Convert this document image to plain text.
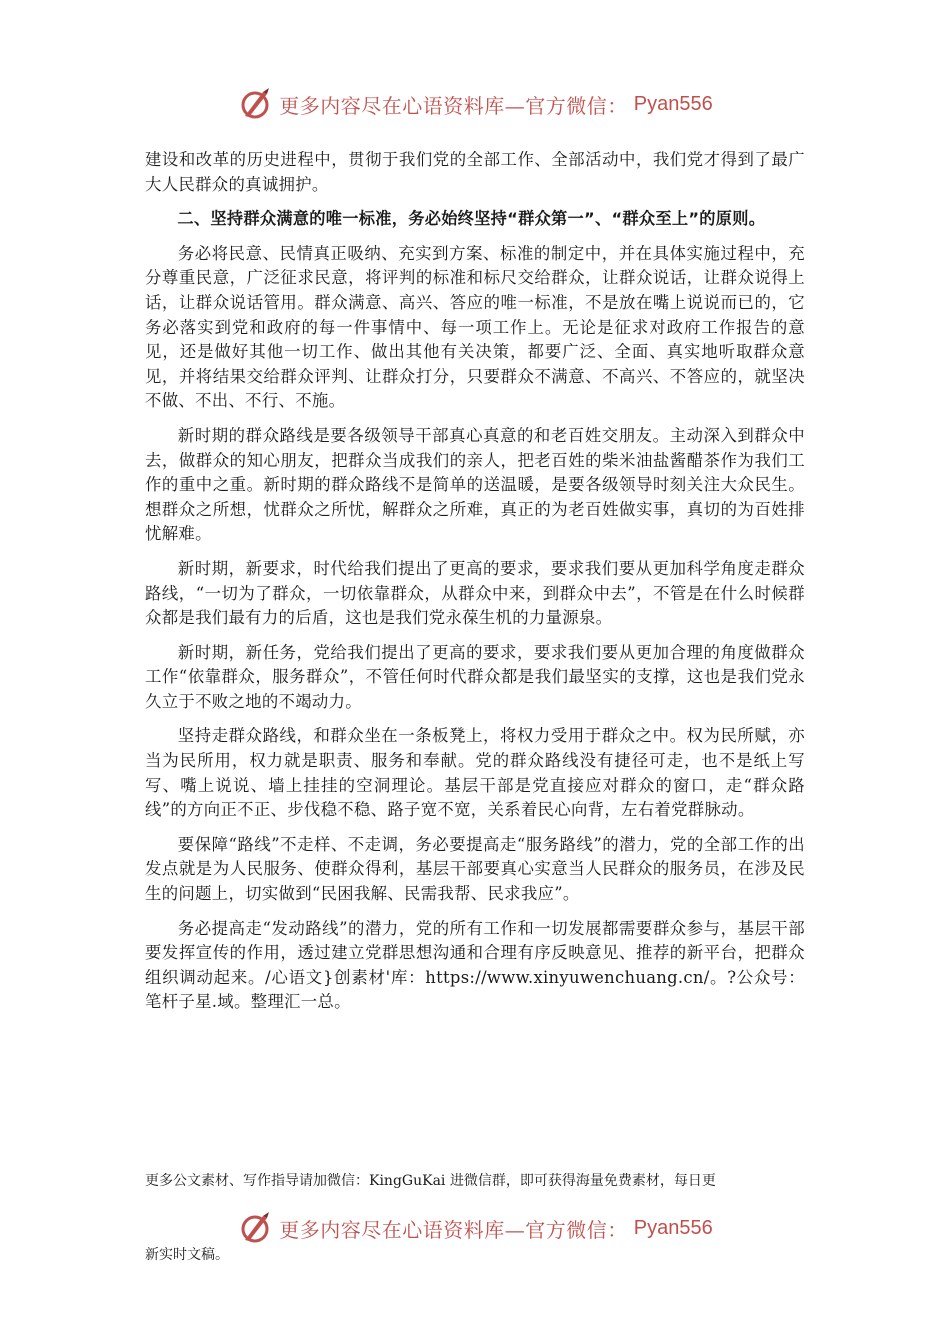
更多内容尽在心语资料库—官方微信： Pyan556

建设和改革的历史进程中，贯彻于我们党的全部工作、全部活动中，我们党才得到了最广大人民群众的真诚拥护。

二、坚持群众满意的唯一标准，务必始终坚持“群众第一”、“群众至上”的原则。

务必将民意、民情真正吸纳、充实到方案、标准的制定中，并在具体实施过程中，充分尊重民意，广泛征求民意，将评判的标准和标尺交给群众，让群众说话，让群众说得上话，让群众说话管用。群众满意、高兴、答应的唯一标准，不是放在嘴上说说而已的，它务必落实到党和政府的每一件事情中、每一项工作上。无论是征求对政府工作报告的意见，还是做好其他一切工作、做出其他有关决策，都要广泛、全面、真实地听取群众意见，并将结果交给群众评判、让群众打分，只要群众不满意、不高兴、不答应的，就坚决不做、不出、不行、不施。

新时期的群众路线是要各级领导干部真心真意的和老百姓交朋友。主动深入到群众中去，做群众的知心朋友，把群众当成我们的亲人，把老百姓的柴米油盐酱醋茶作为我们工作的重中之重。新时期的群众路线不是简单的送温暖，是要各级领导时刻关注大众民生。想群众之所想，忧群众之所忧，解群众之所难，真正的为老百姓做实事，真切的为百姓排忧解难。

新时期，新要求，时代给我们提出了更高的要求，要求我们要从更加科学角度走群众路线，“一切为了群众，一切依靠群众，从群众中来，到群众中去”，不管是在什么时候群众都是我们最有力的后盾，这也是我们党永葆生机的力量源泉。

新时期，新任务，党给我们提出了更高的要求，要求我们要从更加合理的角度做群众工作“依靠群众，服务群众”，不管任何时代群众都是我们最坚实的支撑，这也是我们党永久立于不败之地的不竭动力。

坚持走群众路线，和群众坐在一条板凳上，将权力受用于群众之中。权为民所赋，亦当为民所用，权力就是职责、服务和奉献。党的群众路线没有捷径可走，也不是纸上写写、嘴上说说、墙上挂挂的空洞理论。基层干部是党直接应对群众的窗口，走“群众路线”的方向正不正、步伐稳不稳、路子宽不宽，关系着民心向背，左右着党群脉动。

要保障“路线”不走样、不走调，务必要提高走“服务路线”的潜力，党的全部工作的出发点就是为人民服务、使群众得利，基层干部要真心实意当人民群众的服务员，在涉及民生的问题上，切实做到“民困我解、民需我帮、民求我应”。

务必提高走“发动路线”的潜力，党的所有工作和一切发展都需要群众参与，基层干部要发挥宣传的作用，透过建立党群思想沟通和合理有序反映意见、推荐的新平台，把群众组织调动起来。/心语文}创素材'库：https://www.xinyuwenchuang.cn/。?公众号：笔杆子星.域。整理汇一总。

更多公文素材、写作指导请加微信：KingGuKai 进微信群，即可获得海量免费素材，每日更
更多内容尽在心语资料库—官方微信： Pyan556
新实时文稿。
